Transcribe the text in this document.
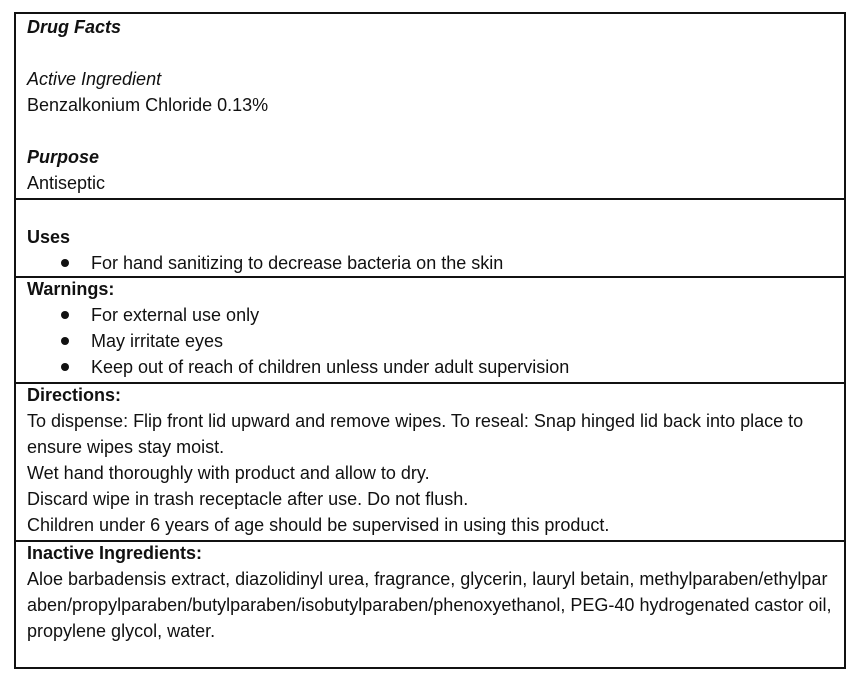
Drug Facts
Active Ingredient
Benzalkonium Chloride 0.13%
Purpose
Antiseptic
Uses
For hand sanitizing to decrease bacteria on the skin
Warnings:
For external use only
May irritate eyes
Keep out of reach of children unless under adult supervision
Directions:
To dispense: Flip front lid upward and remove wipes. To reseal: Snap hinged lid back into place to ensure wipes stay moist.
Wet hand thoroughly with product and allow to dry.
Discard wipe in trash receptacle after use. Do not flush.
Children under 6 years of age should be supervised in using this product.
Inactive Ingredients:
Aloe barbadensis extract, diazolidinyl urea, fragrance, glycerin, lauryl betain, methylparaben/ethylparaben/propylparaben/butylparaben/isobutylparaben/phenoxyethanol, PEG-40 hydrogenated castor oil, propylene glycol, water.
